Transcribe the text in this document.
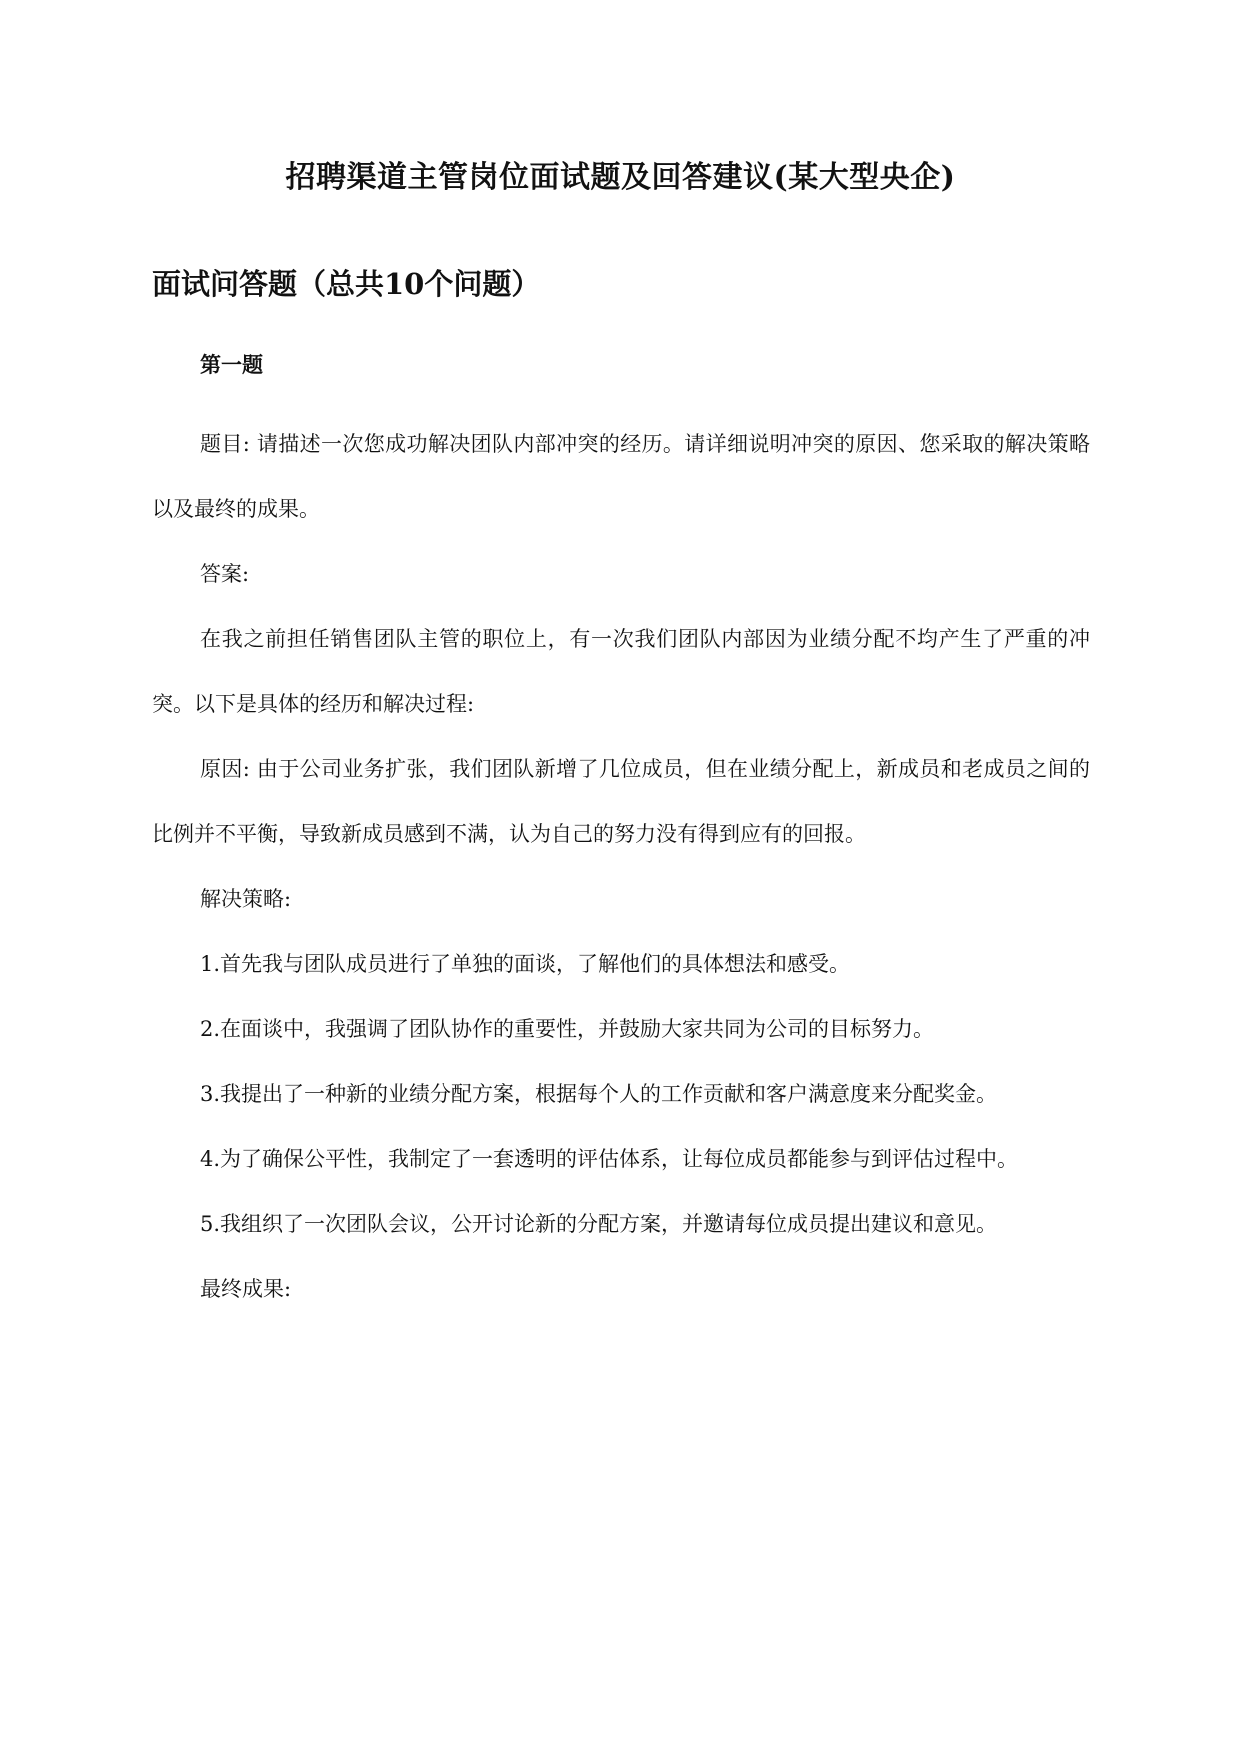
招聘渠道主管岗位面试题及回答建议(某大型央企)
面试问答题（总共10个问题）
第一题

题目: 请描述一次您成功解决团队内部冲突的经历。请详细说明冲突的原因、您采取的解决策略以及最终的成果。

答案:

在我之前担任销售团队主管的职位上，有一次我们团队内部因为业绩分配不均产生了严重的冲突。以下是具体的经历和解决过程:

原因: 由于公司业务扩张，我们团队新增了几位成员，但在业绩分配上，新成员和老成员之间的比例并不平衡，导致新成员感到不满，认为自己的努力没有得到应有的回报。

解决策略:

1.首先我与团队成员进行了单独的面谈，了解他们的具体想法和感受。

2.在面谈中，我强调了团队协作的重要性，并鼓励大家共同为公司的目标努力。

3.我提出了一种新的业绩分配方案，根据每个人的工作贡献和客户满意度来分配奖金。

4.为了确保公平性，我制定了一套透明的评估体系，让每位成员都能参与到评估过程中。

5.我组织了一次团队会议，公开讨论新的分配方案，并邀请每位成员提出建议和意见。

最终成果:
